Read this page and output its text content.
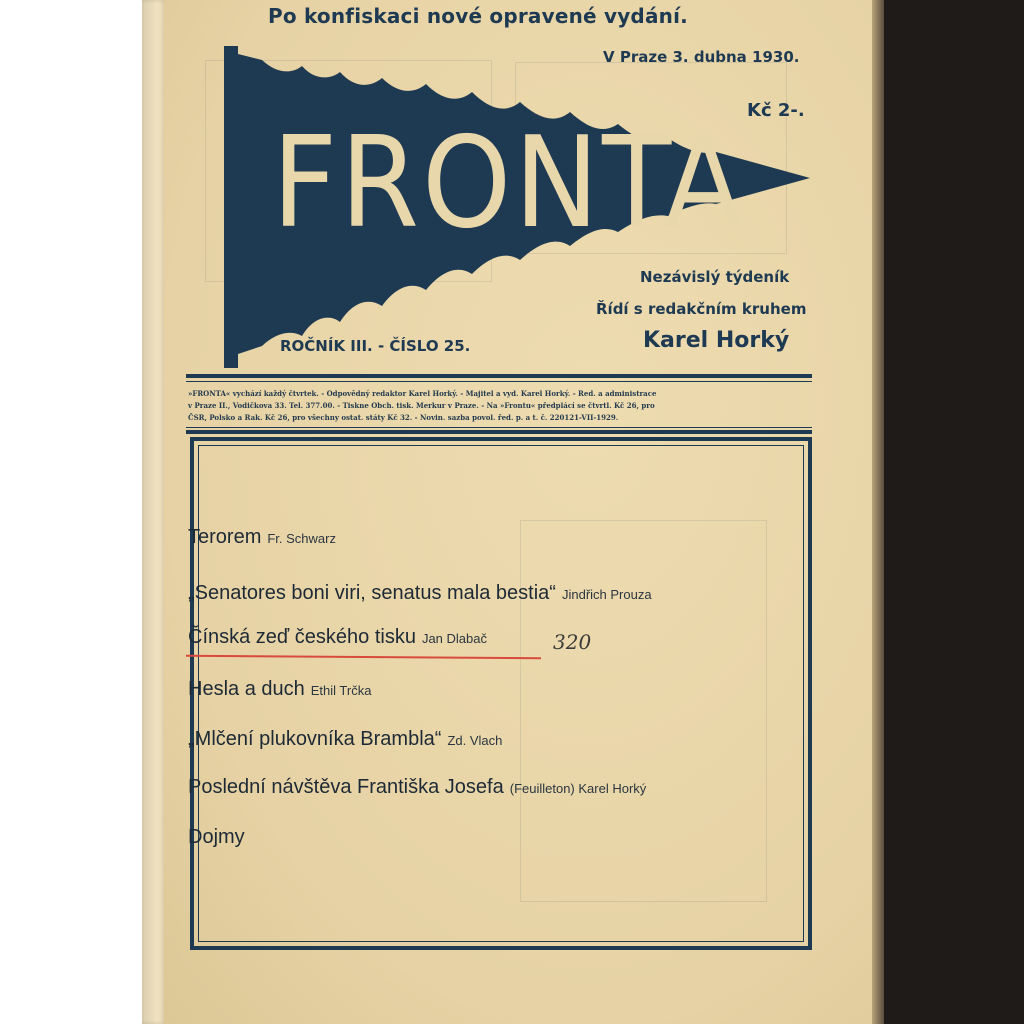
Po konfiskaci nové opravené vydání.
V Praze 3. dubna 1930.
Kč 2-.
FRONTA
Nezávislý týdeník
Řídí s redakčním kruhem
Karel Horký
ROČNÍK III. - ČÍSLO 25.
»FRONTA« vychází každý čtvrtek. - Odpovědný redaktor Karel Horký. - Majitel a vyd. Karel Horký. - Red. a administrace
v Praze II., Vodičkova 33. Tel. 377.00. - Tiskne Obch. tisk. Merkur v Praze. - Na »Frontu« předplácí se čtvrtl. Kč 26, pro
ČSR, Polsko a Rak. Kč 26, pro všechny ostat. státy Kč 32. - Novin. sazba povol. řed. p. a t. č. 220121-VII-1929.
Terorem Fr. Schwarz
„Senatores boni viri, senatus mala bestia“ Jindřich Prouza
Čínská zeď českého tisku Jan Dlabač
Hesla a duch Ethil Trčka
„Mlčení plukovníka Brambla“ Zd. Vlach
Poslední návštěva Františka Josefa (Feuilleton) Karel Horký
Dojmy
320
